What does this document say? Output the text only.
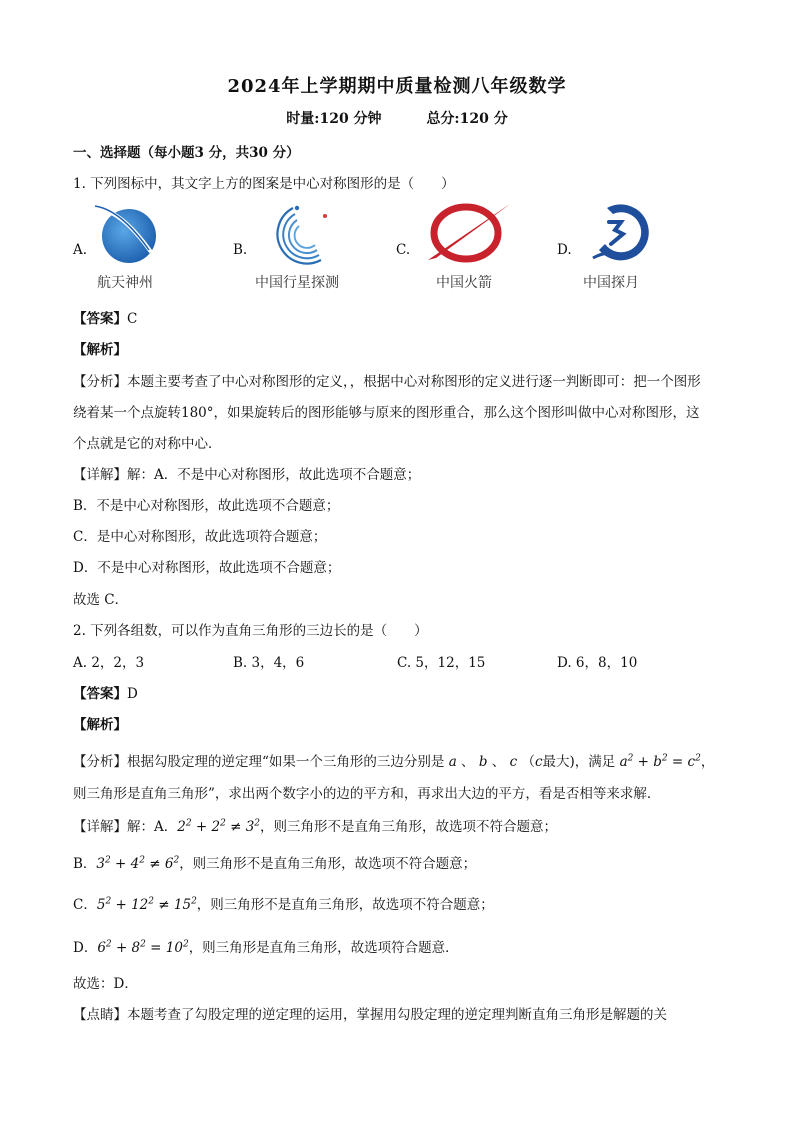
2024年上学期期中质量检测八年级数学
时量:120 分钟	总分:120 分
一、选择题（每小题3 分，共30 分）
1. 下列图标中，其文字上方的图案是中心对称图形的是（　　）
A.
航天神州
B.
中国行星探测
C.
中国火箭
D.
中国探月
【答案】C
【解析】
【分析】本题主要考查了中心对称图形的定义，，根据中心对称图形的定义进行逐一判断即可：把一个图形
绕着某一个点旋转180°，如果旋转后的图形能够与原来的图形重合，那么这个图形叫做中心对称图形，这
个点就是它的对称中心．
【详解】解：A．不是中心对称图形，故此选项不合题意；
B．不是中心对称图形，故此选项不合题意；
C．是中心对称图形，故此选项符合题意；
D．不是中心对称图形，故此选项不合题意；
故选 C．
2. 下列各组数，可以作为直角三角形的三边长的是（　　）
A. 2，2，3	B. 3，4，6	C. 5，12，15	D. 6，8，10
【答案】D
【解析】
【分析】根据勾股定理的逆定理“如果一个三角形的三边分别是 a 、 b 、 c （c最大)，满足 $a^2 + b^2 = c^2$，
则三角形是直角三角形”，求出两个数字小的边的平方和，再求出大边的平方，看是否相等来求解．
【详解】解：A．$2^2 + 2^2 \ne 3^2$，则三角形不是直角三角形，故选项不符合题意；
B．$3^2 + 4^2 \ne 6^2$，则三角形不是直角三角形，故选项不符合题意；
C．$5^2 + 12^2 \ne 15^2$，则三角形不是直角三角形，故选项不符合题意；
D．$6^2 + 8^2 = 10^2$，则三角形是直角三角形，故选项符合题意．
故选：D．
【点睛】本题考查了勾股定理的逆定理的运用，掌握用勾股定理的逆定理判断直角三角形是解题的关
